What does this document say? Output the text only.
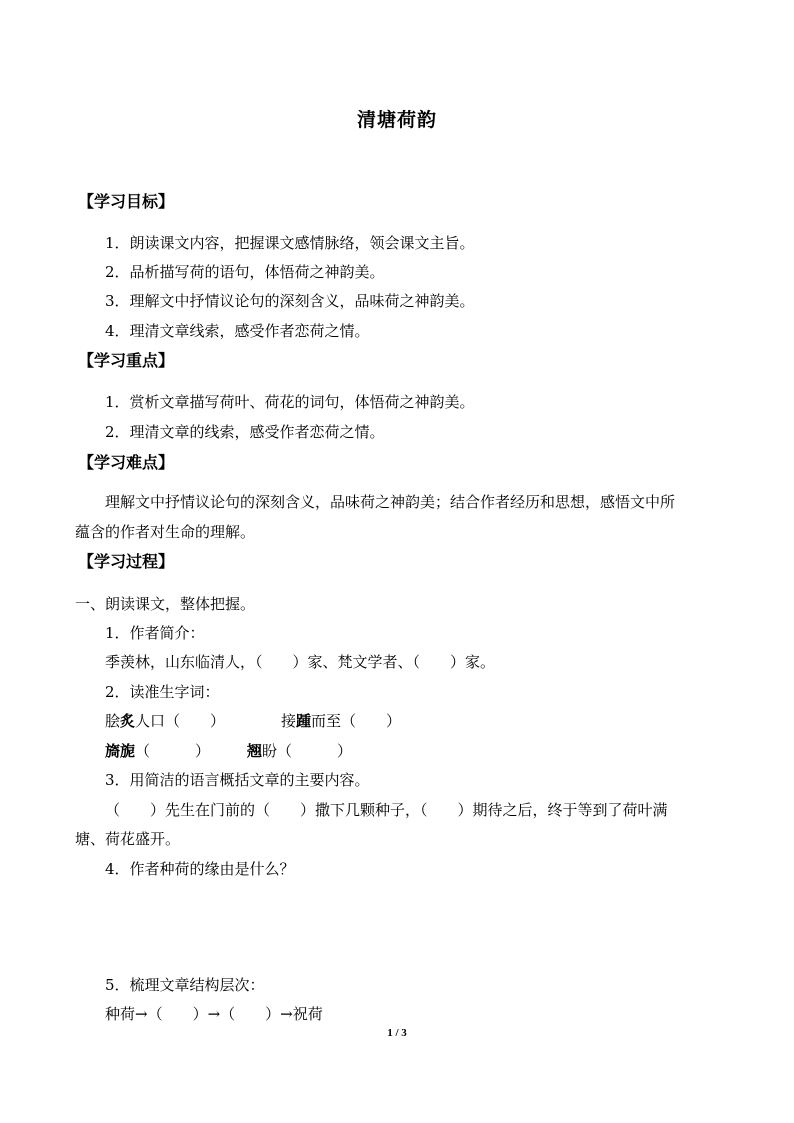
清塘荷韵
【学习目标】
1．朗读课文内容，把握课文感情脉络，领会课文主旨。
2．品析描写荷的语句，体悟荷之神韵美。
3．理解文中抒情议论句的深刻含义，品味荷之神韵美。
4．理清文章线索，感受作者恋荷之情。
【学习重点】
1．赏析文章描写荷叶、荷花的词句，体悟荷之神韵美。
2．理清文章的线索，感受作者恋荷之情。
【学习难点】
理解文中抒情议论句的深刻含义，品味荷之神韵美；结合作者经历和思想，感悟文中所
蕴含的作者对生命的理解。
【学习过程】
一、朗读课文，整体把握。
1．作者简介：
季羡林，山东临清人，（　　）家、梵文学者、（　　）家。
2．读准生字词：
脍炙人口（　　）	接踵而至（　　）
旖旎（　　　） 翘盼（　　　）
3．用简洁的语言概括文章的主要内容。
（　　）先生在门前的（　　）撒下几颗种子，（　　）期待之后，终于等到了荷叶满
塘、荷花盛开。
4．作者种荷的缘由是什么？
5．梳理文章结构层次：
种荷→（　　）→（　　）→祝荷
1 / 3
